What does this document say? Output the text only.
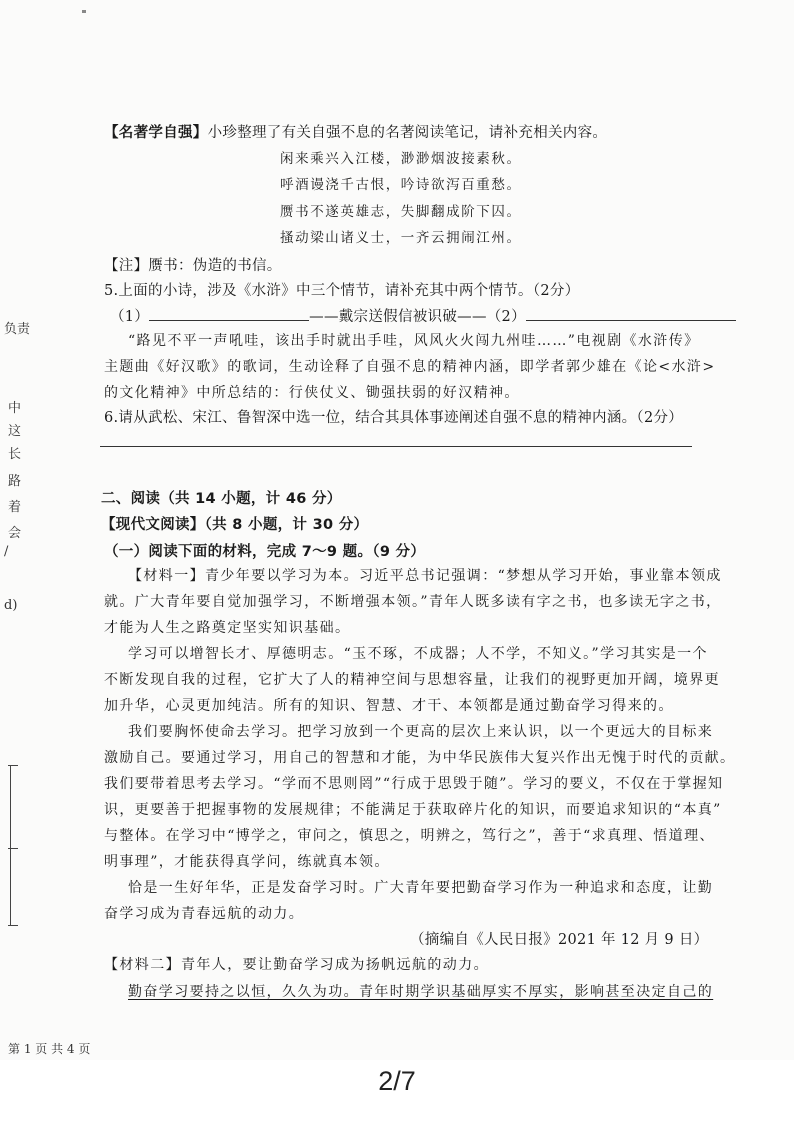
负责
中
这
长
路
着
会
/
d)
【名著学自强】小珍整理了有关自强不息的名著阅读笔记，请补充相关内容。
闲来乘兴入江楼，渺渺烟波接素秋。
呼酒谩浇千古恨，吟诗欲泻百重愁。
赝书不遂英雄志，失脚翻成阶下囚。
搔动梁山诸义士，一齐云拥闹江州。
【注】赝书：伪造的书信。
5.上面的小诗，涉及《水浒》中三个情节，请补充其中两个情节。（2分）
（1）	——戴宗送假信被识破——（2）
“路见不平一声吼哇，该出手时就出手哇，风风火火闯九州哇……”电视剧《水浒传》
主题曲《好汉歌》的歌词，生动诠释了自强不息的精神内涵，即学者郭少雄在《论<水浒>
的文化精神》中所总结的：行侠仗义、锄强扶弱的好汉精神。
6.请从武松、宋江、鲁智深中选一位，结合其具体事迹阐述自强不息的精神内涵。（2分）
二、阅读（共 14 小题，计 46 分）
【现代文阅读】（共 8 小题，计 30 分）
（一）阅读下面的材料，完成 7～9 题。（9 分）
【材料一】青少年要以学习为本。习近平总书记强调：“梦想从学习开始，事业靠本领成
就。广大青年要自觉加强学习，不断增强本领。”青年人既多读有字之书，也多读无字之书，
才能为人生之路奠定坚实知识基础。
学习可以增智长才、厚德明志。“玉不琢，不成器；人不学，不知义。”学习其实是一个
不断发现自我的过程，它扩大了人的精神空间与思想容量，让我们的视野更加开阔，境界更
加升华，心灵更加纯洁。所有的知识、智慧、才干、本领都是通过勤奋学习得来的。
我们要胸怀使命去学习。把学习放到一个更高的层次上来认识，以一个更远大的目标来
激励自己。要通过学习，用自己的智慧和才能，为中华民族伟大复兴作出无愧于时代的贡献。
我们要带着思考去学习。“学而不思则罔”“行成于思毁于随”。学习的要义，不仅在于掌握知
识，更要善于把握事物的发展规律；不能满足于获取碎片化的知识，而要追求知识的“本真”
与整体。在学习中“博学之，审问之，慎思之，明辨之，笃行之”，善于“求真理、悟道理、
明事理”，才能获得真学问，练就真本领。
恰是一生好年华，正是发奋学习时。广大青年要把勤奋学习作为一种追求和态度，让勤
奋学习成为青春远航的动力。
（摘编自《人民日报》2021 年 12 月 9 日）
【材料二】青年人，要让勤奋学习成为扬帆远航的动力。
勤奋学习要持之以恒，久久为功。青年时期学识基础厚实不厚实，影响甚至决定自己的
第 1 页 共 4 页
2/7
